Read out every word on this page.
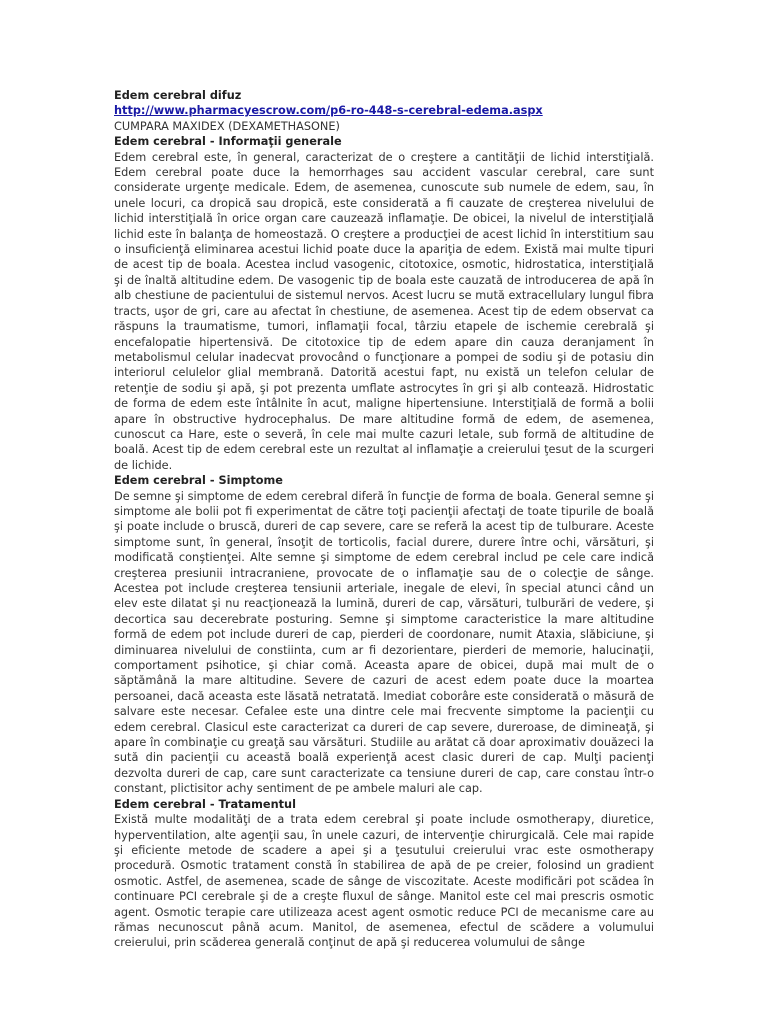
Edem cerebral difuz
http://www.pharmacyescrow.com/p6-ro-448-s-cerebral-edema.aspx
CUMPARA MAXIDEX (DEXAMETHASONE)
Edem cerebral - Informaţii generale

Edem cerebral este, în general, caracterizat de o creştere a cantităţii de lichid interstiţială. Edem cerebral poate duce la hemorrhages sau accident vascular cerebral, care sunt considerate urgenţe medicale. Edem, de asemenea, cunoscute sub numele de edem, sau, în unele locuri, ca dropică sau dropică, este considerată a fi cauzate de creşterea nivelului de lichid interstiţială în orice organ care cauzează inflamaţie. De obicei, la nivelul de interstiţială lichid este în balanţa de homeostază. O creştere a producţiei de acest lichid în interstitium sau o insuficienţă eliminarea acestui lichid poate duce la apariţia de edem. Există mai multe tipuri de acest tip de boala. Acestea includ vasogenic, citotoxice, osmotic, hidrostatica, interstiţială şi de înaltă altitudine edem. De vasogenic tip de boala este cauzată de introducerea de apă în alb chestiune de pacientului de sistemul nervos. Acest lucru se mută extracellulary lungul fibra tracts, uşor de gri, care au afectat în chestiune, de asemenea. Acest tip de edem observat ca răspuns la traumatisme, tumori, inflamaţii focal, târziu etapele de ischemie cerebrală şi encefalopatie hipertensivă. De citotoxice tip de edem apare din cauza deranjament în metabolismul celular inadecvat provocând o funcţionare a pompei de sodiu şi de potasiu din interiorul celulelor glial membrană. Datorită acestui fapt, nu există un telefon celular de retenţie de sodiu şi apă, şi pot prezenta umflate astrocytes în gri şi alb contează. Hidrostatic de forma de edem este întâlnite în acut, maligne hipertensiune. Interstiţială de formă a bolii apare în obstructive hydrocephalus. De mare altitudine formă de edem, de asemenea, cunoscut ca Hare, este o severă, în cele mai multe cazuri letale, sub formă de altitudine de boală. Acest tip de edem cerebral este un rezultat al inflamaţie a creierului ţesut de la scurgeri de lichide.

Edem cerebral - Simptome

De semne şi simptome de edem cerebral diferă în funcţie de forma de boala. General semne şi simptome ale bolii pot fi experimentat de către toţi pacienţii afectaţi de toate tipurile de boală şi poate include o bruscă, dureri de cap severe, care se referă la acest tip de tulburare. Aceste simptome sunt, în general, însoţit de torticolis, facial durere, durere între ochi, vărsături, şi modificată conştienţei. Alte semne şi simptome de edem cerebral includ pe cele care indică creşterea presiunii intracraniene, provocate de o inflamaţie sau de o colecţie de sânge. Acestea pot include creşterea tensiunii arteriale, inegale de elevi, în special atunci când un elev este dilatat şi nu reacţionează la lumină, dureri de cap, vărsături, tulburări de vedere, şi decortica sau decerebrate posturing. Semne şi simptome caracteristice la mare altitudine formă de edem pot include dureri de cap, pierderi de coordonare, numit Ataxia, slăbiciune, şi diminuarea nivelului de constiinta, cum ar fi dezorientare, pierderi de memorie, halucinaţii, comportament psihotice, şi chiar comă. Aceasta apare de obicei, după mai mult de o săptămână la mare altitudine. Severe de cazuri de acest edem poate duce la moartea persoanei, dacă aceasta este lăsată netratată. Imediat coborâre este considerată o măsură de salvare este necesar. Cefalee este una dintre cele mai frecvente simptome la pacienţii cu edem cerebral. Clasicul este caracterizat ca dureri de cap severe, dureroase, de dimineaţă, şi apare în combinaţie cu greaţă sau vărsături. Studiile au arătat că doar aproximativ douăzeci la sută din pacienţii cu această boală experienţă acest clasic dureri de cap. Mulţi pacienţi dezvolta dureri de cap, care sunt caracterizate ca tensiune dureri de cap, care constau într-o constant, plictisitor achy sentiment de pe ambele maluri ale cap.

Edem cerebral - Tratamentul

Există multe modalităţi de a trata edem cerebral şi poate include osmotherapy, diuretice, hyperventilation, alte agenţii sau, în unele cazuri, de intervenţie chirurgicală. Cele mai rapide şi eficiente metode de scadere a apei şi a ţesutului creierului vrac este osmotherapy procedură. Osmotic tratament constă în stabilirea de apă de pe creier, folosind un gradient osmotic. Astfel, de asemenea, scade de sânge de viscozitate. Aceste modificări pot scădea în continuare PCI cerebrale şi de a creşte fluxul de sânge. Manitol este cel mai prescris osmotic agent. Osmotic terapie care utilizeaza acest agent osmotic reduce PCI de mecanisme care au rămas necunoscut până acum. Manitol, de asemenea, efectul de scădere a volumului creierului, prin scăderea generală conţinut de apă şi reducerea volumului de sânge
